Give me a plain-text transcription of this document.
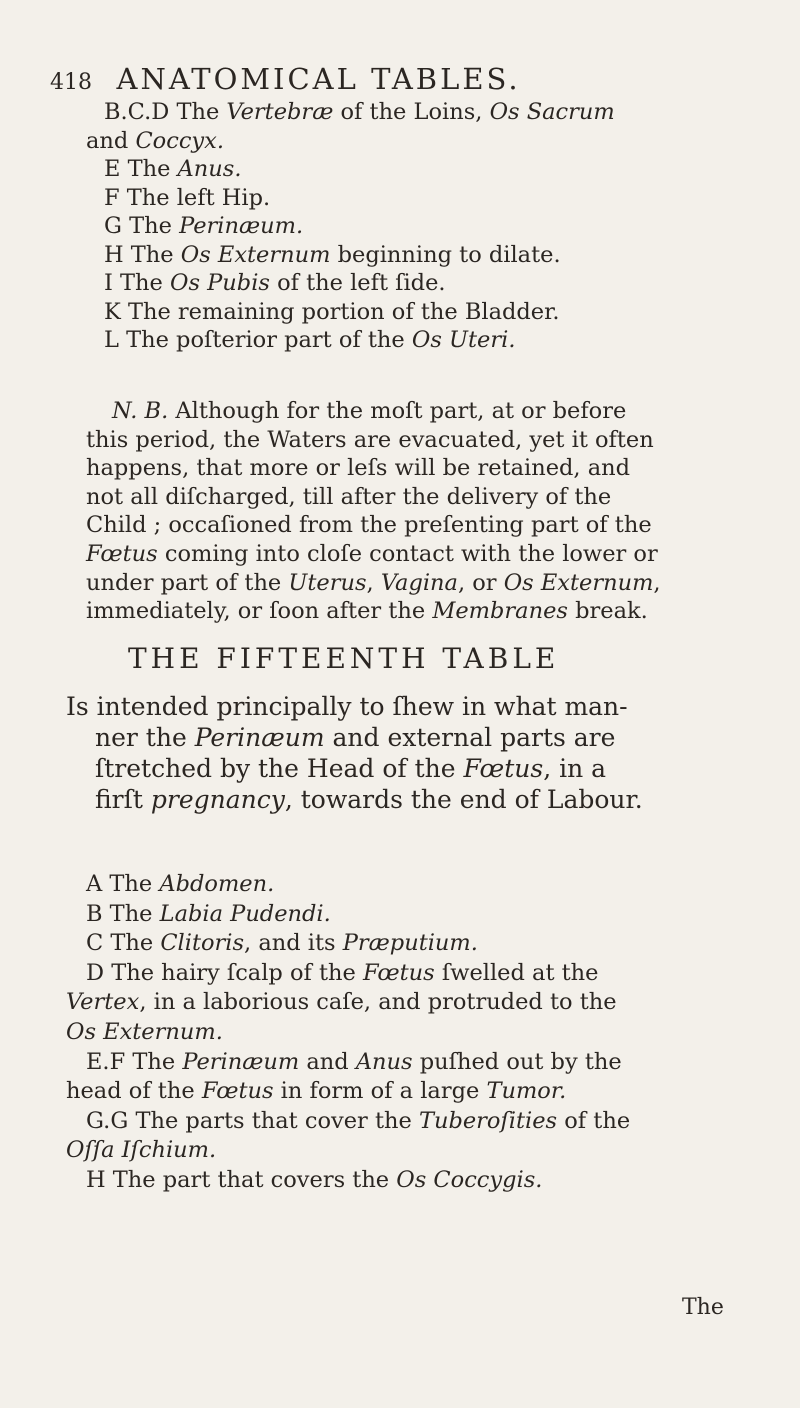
418 ANATOMICAL TABLES.
B.C.D The Vertebræ of the Loins, Os Sacrum
and Coccyx.
E The Anus.
F The left Hip.
G The Perinæum.
H The Os Externum beginning to dilate.
I The Os Pubis of the left ſide.
K The remaining portion of the Bladder.
L The poſterior part of the Os Uteri.
N. B. Although for the moſt part, at or before
this period, the Waters are evacuated, yet it often
happens, that more or leſs will be retained, and
not all diſcharged, till after the delivery of the
Child ; occaſioned from the preſenting part of the
Fœtus coming into cloſe contact with the lower or
under part of the Uterus, Vagina, or Os Externum,
immediately, or ſoon after the Membranes break.
THE FIFTEENTH TABLE
Is intended principally to ſhew in what man-
ner the Perinæum and external parts are
ſtretched by the Head of the Fœtus, in a
firſt pregnancy, towards the end of Labour.
A The Abdomen.
B The Labia Pudendi.
C The Clitoris, and its Præputium.
D The hairy ſcalp of the Fœtus ſwelled at the
Vertex, in a laborious caſe, and protruded to the
Os Externum.
E.F The Perinæum and Anus puſhed out by the
head of the Fœtus in form of a large Tumor.
G.G The parts that cover the Tuberoſities of the
Oſſa Iſchium.
H The part that covers the Os Coccygis.
The
